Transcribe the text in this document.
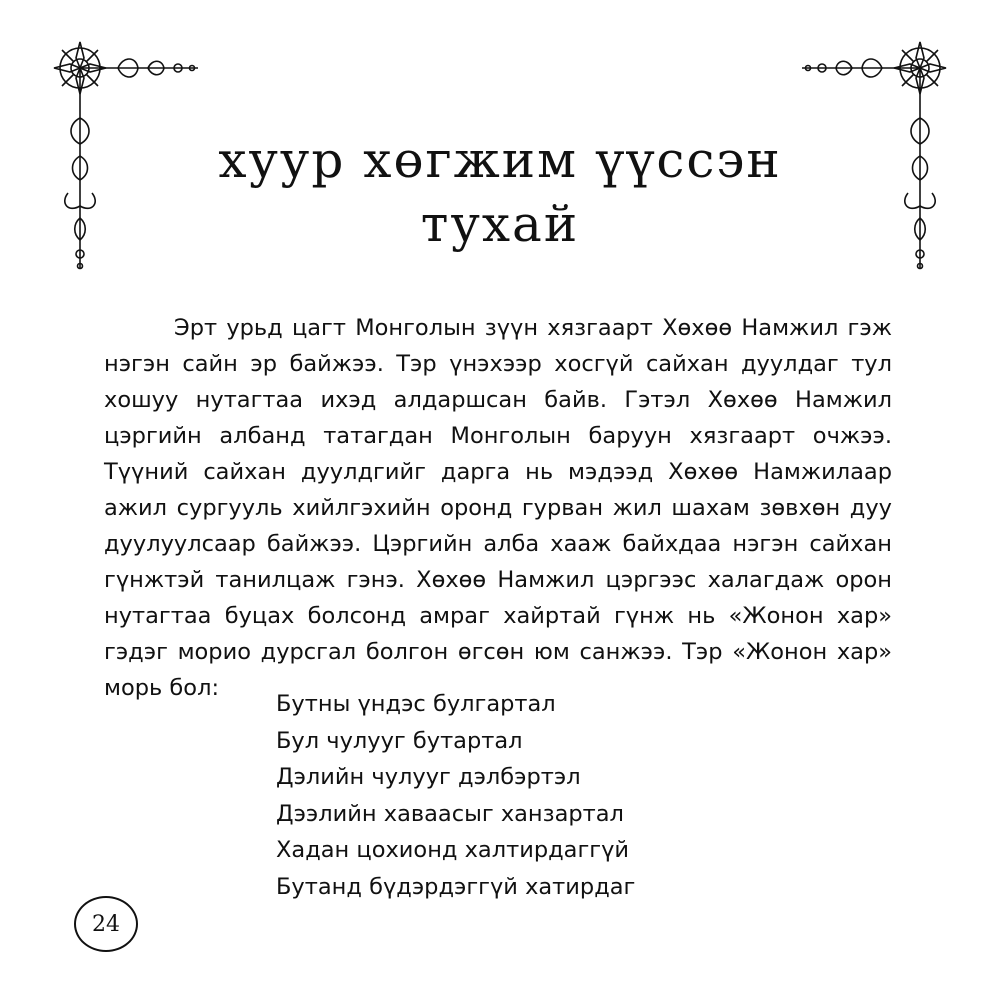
хуур хөгжим үүссэн
тухай

Эрт урьд цагт Монголын зүүн хязгаарт Хөхөө Намжил гэж нэгэн сайн эр байжээ. Тэр үнэхээр хосгүй сайхан дуулдаг тул хошуу нутагтаа ихэд алдаршсан байв. Гэтэл Хөхөө Намжил цэргийн албанд татагдан Монголын баруун хязгаарт очжээ. Түүний сайхан дуулдгийг дарга нь мэдээд Хөхөө Намжилаар ажил сургууль хийлгэхийн оронд гурван жил шахам зөвхөн дуу дуулуулсаар байжээ. Цэргийн алба хааж байхдаа нэгэн сайхан гүнжтэй танилцаж гэнэ. Хөхөө Намжил цэргээс халагдаж орон нутагтаа буцах болсонд амраг хайртай гүнж нь «Жонон хар» гэдэг морио дурсгал болгон өгсөн юм санжээ. Тэр «Жонон хар» морь бол:

Бутны үндэс булгартал
Бул чулууг бутартал
Дэлийн чулууг дэлбэртэл
Дээлийн хаваасыг ханзартал
Хадан цохионд халтирдаггүй
Бутанд бүдэрдэггүй хатирдаг
24
